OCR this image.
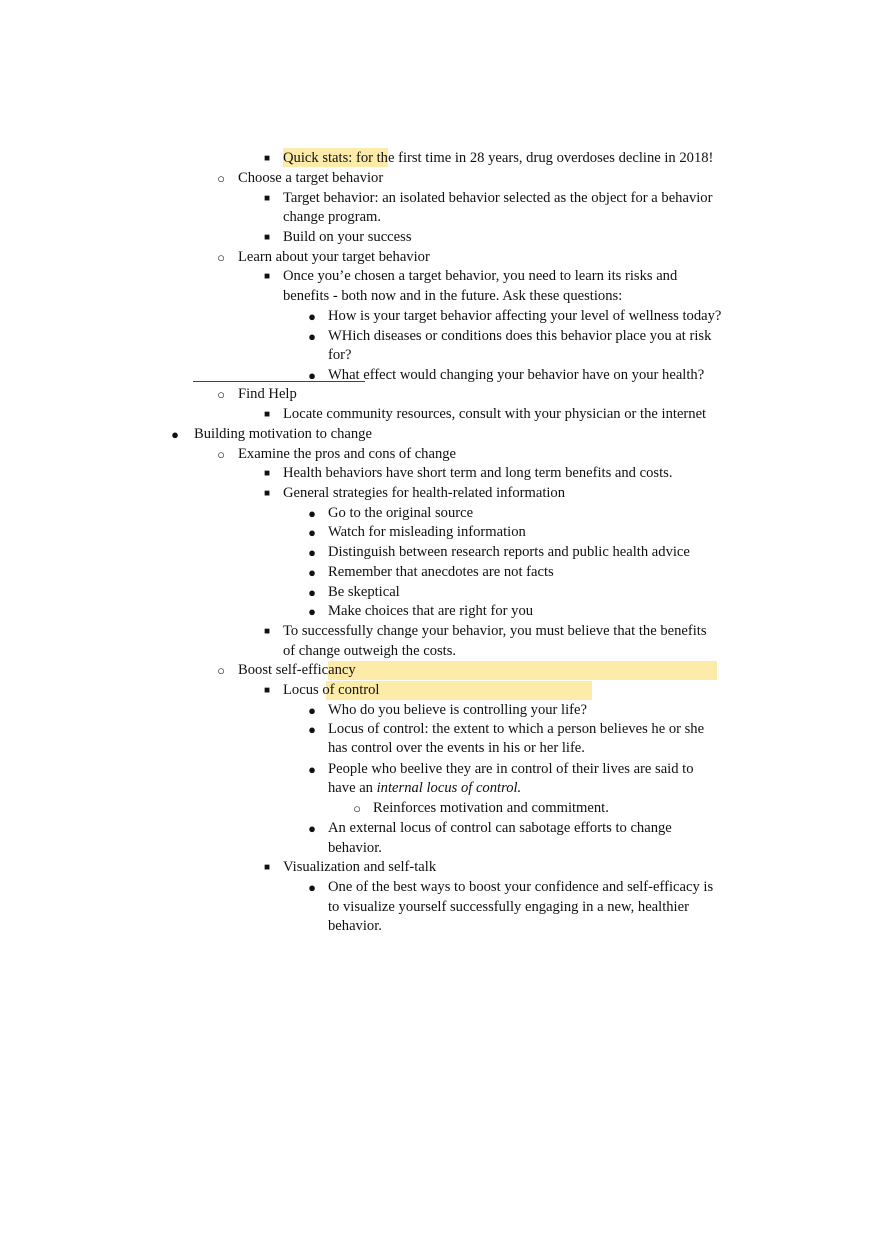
■ Quick stats: for the first time in 28 years, drug overdoses decline in 2018!
○ Choose a target behavior
■ Target behavior: an isolated behavior selected as the object for a behavior
change program.
■ Build on your success
○ Learn about your target behavior
■ Once you’e chosen a target behavior, you need to learn its risks and
benefits - both now and in the future. Ask these questions:
● How is your target behavior affecting your level of wellness today?
● WHich diseases or conditions does this behavior place you at risk
for?
● What effect would changing your behavior have on your health?
○ Find Help
■ Locate community resources, consult with your physician or the internet
● Building motivation to change
○ Examine the pros and cons of change
■ Health behaviors have short term and long term benefits and costs.
■ General strategies for health-related information
● Go to the original source
● Watch for misleading information
● Distinguish between research reports and public health advice
● Remember that anecdotes are not facts
● Be skeptical
● Make choices that are right for you
■ To successfully change your behavior, you must believe that the benefits
of change outweigh the costs.
○ Boost self-efficancy
■ Locus of control
● Who do you believe is controlling your life?
● Locus of control: the extent to which a person believes he or she
has control over the events in his or her life.
● People who beelive they are in control of their lives are said to
have an internal locus of control.
○ Reinforces motivation and commitment.
● An external locus of control can sabotage efforts to change
behavior.
■ Visualization and self-talk
● One of the best ways to boost your confidence and self-efficacy is
to visualize yourself successfully engaging in a new, healthier
behavior.
